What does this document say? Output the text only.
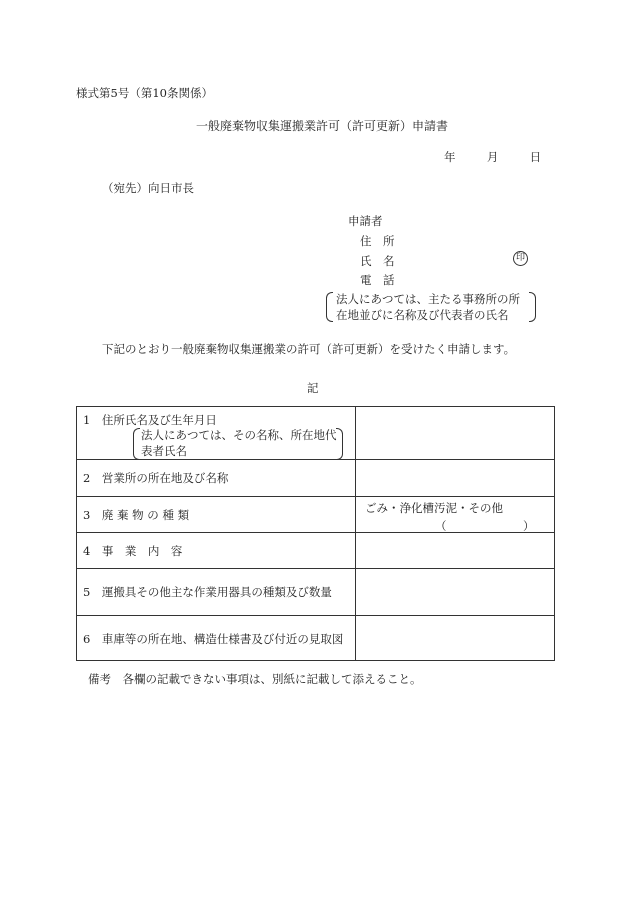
様式第5号（第10条関係）
一般廃棄物収集運搬業許可（許可更新）申請書
年	月	日
（宛先）向日市長
申請者
住　所
氏　名	印
電　話
法人にあつては、主たる事務所の所
在地並びに名称及び代表者の氏名
下記のとおり一般廃棄物収集運搬業の許可（許可更新）を受けたく申請します。
記
1　住所氏名及び生年月日
法人にあつては、その名称、所在地代
表者氏名
2　営業所の所在地及び名称
3　廃 棄 物 の 種 類	ごみ・浄化槽汚泥・その他
（	）
4　事　業　内　容
5　運搬具その他主な作業用器具の種類及び数量
6　車庫等の所在地、構造仕様書及び付近の見取図
備考　各欄の記載できない事項は、別紙に記載して添えること。
